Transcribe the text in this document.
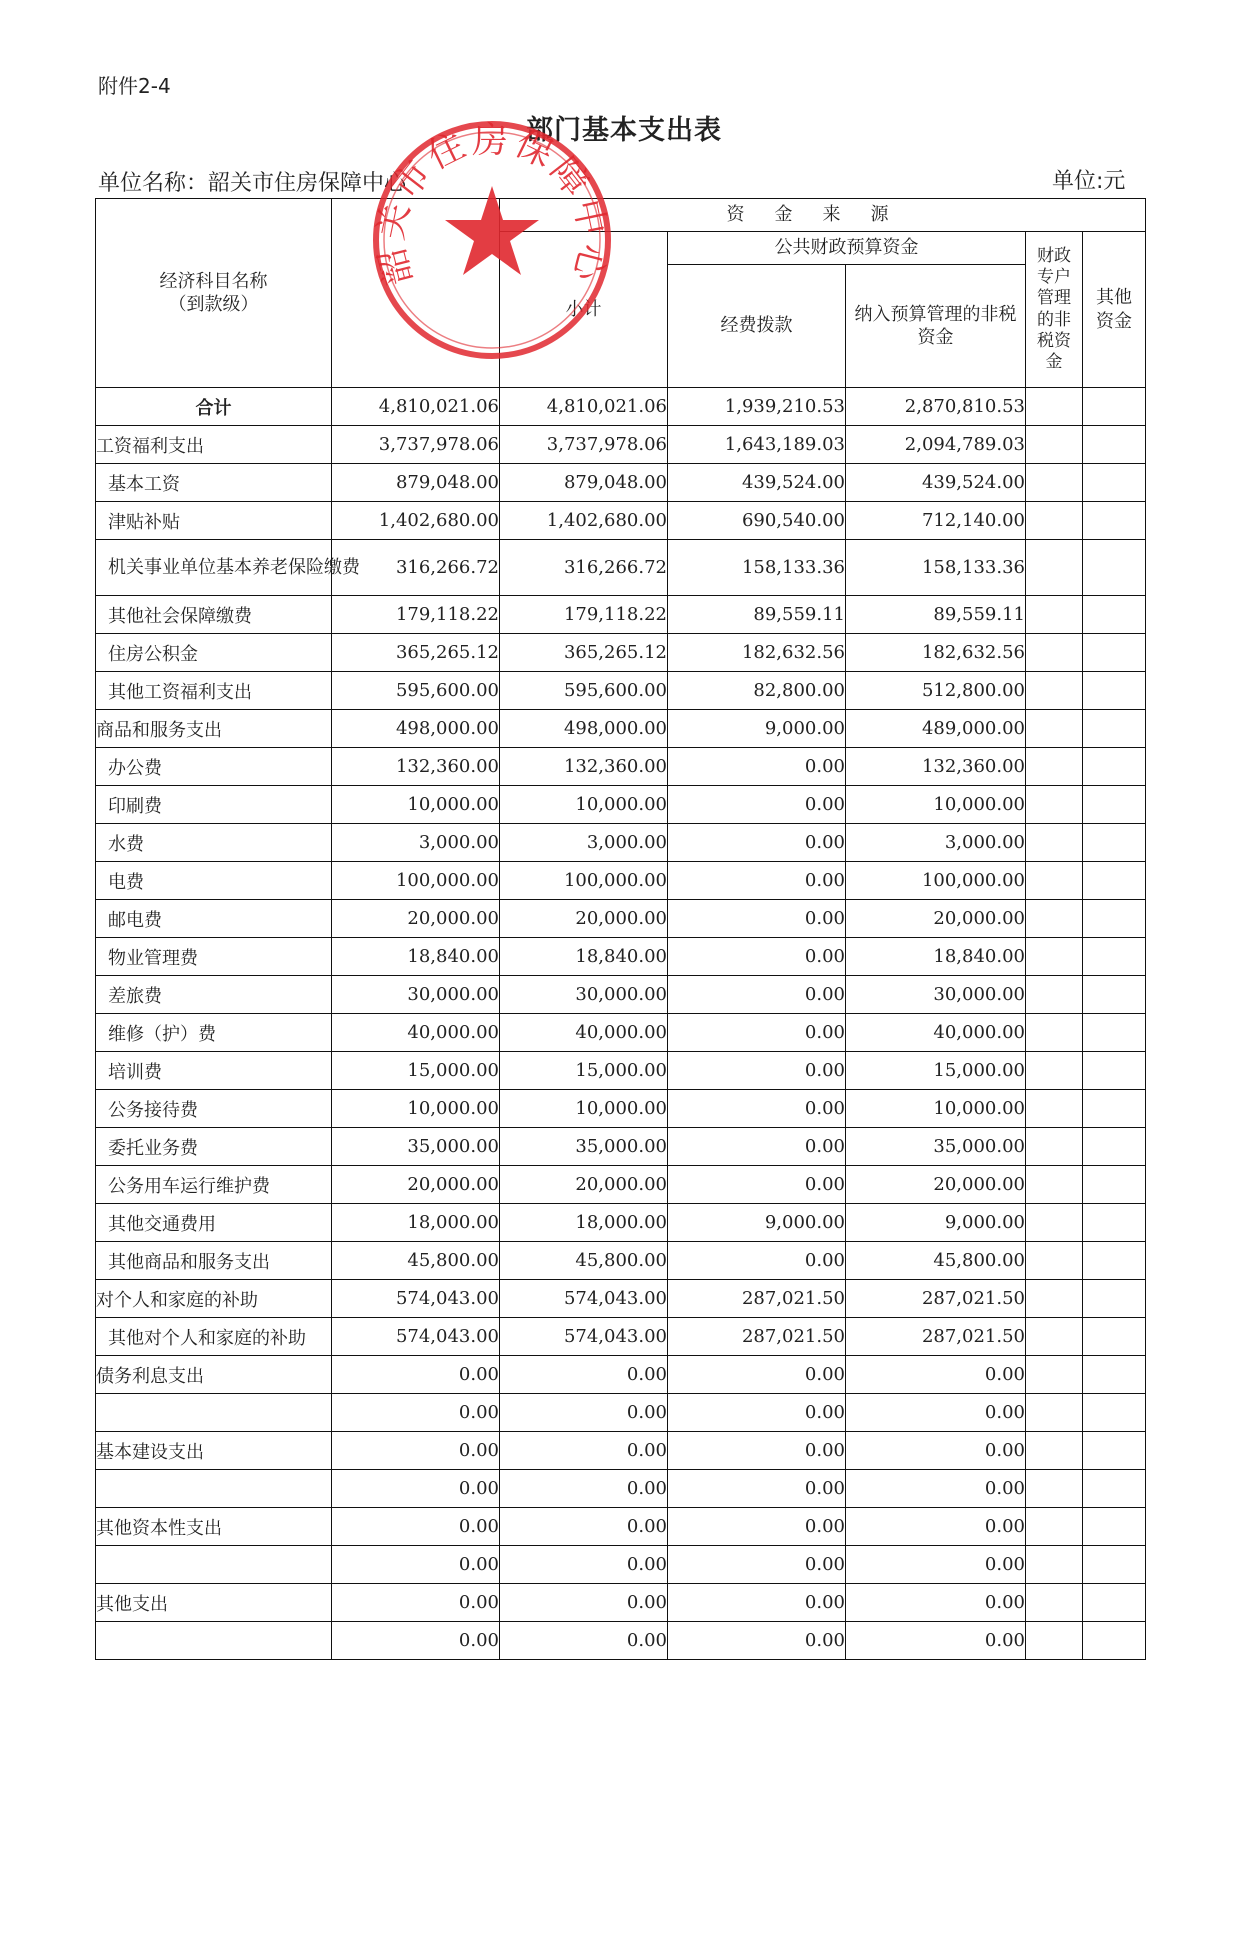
附件2-4
部门基本支出表
单位名称：韶关市住房保障中心	单位:元
经济科目名称
（到款级）		资金来源				
		小计	公共财政预算资金		财政专户管理的非税资金	其他资金

			经费拨款	纳入预算管理的非税资金		

合计	4,810,021.06	4,810,021.06	1,939,210.53	2,870,810.53		
工资福利支出	3,737,978.06	3,737,978.06	1,643,189.03	2,094,789.03		
基本工资	879,048.00	879,048.00	439,524.00	439,524.00		
津贴补贴	1,402,680.00	1,402,680.00	690,540.00	712,140.00		
机关事业单位基本养老保险缴费	316,266.72	316,266.72	158,133.36	158,133.36		
其他社会保障缴费	179,118.22	179,118.22	89,559.11	89,559.11		
住房公积金	365,265.12	365,265.12	182,632.56	182,632.56		
其他工资福利支出	595,600.00	595,600.00	82,800.00	512,800.00		
商品和服务支出	498,000.00	498,000.00	9,000.00	489,000.00		
办公费	132,360.00	132,360.00	0.00	132,360.00		
印刷费	10,000.00	10,000.00	0.00	10,000.00		
水费	3,000.00	3,000.00	0.00	3,000.00		
电费	100,000.00	100,000.00	0.00	100,000.00		
邮电费	20,000.00	20,000.00	0.00	20,000.00		
物业管理费	18,840.00	18,840.00	0.00	18,840.00		
差旅费	30,000.00	30,000.00	0.00	30,000.00		
维修（护）费	40,000.00	40,000.00	0.00	40,000.00		
培训费	15,000.00	15,000.00	0.00	15,000.00		
公务接待费	10,000.00	10,000.00	0.00	10,000.00		
委托业务费	35,000.00	35,000.00	0.00	35,000.00		
公务用车运行维护费	20,000.00	20,000.00	0.00	20,000.00		
其他交通费用	18,000.00	18,000.00	9,000.00	9,000.00		
其他商品和服务支出	45,800.00	45,800.00	0.00	45,800.00		
对个人和家庭的补助	574,043.00	574,043.00	287,021.50	287,021.50		
其他对个人和家庭的补助	574,043.00	574,043.00	287,021.50	287,021.50		
债务利息支出	0.00	0.00	0.00	0.00		
	0.00	0.00	0.00	0.00		
基本建设支出	0.00	0.00	0.00	0.00		
	0.00	0.00	0.00	0.00		
其他资本性支出	0.00	0.00	0.00	0.00		
	0.00	0.00	0.00	0.00		
其他支出	0.00	0.00	0.00	0.00		
	0.00	0.00	0.00	0.00		
韶关市住房保障中心
